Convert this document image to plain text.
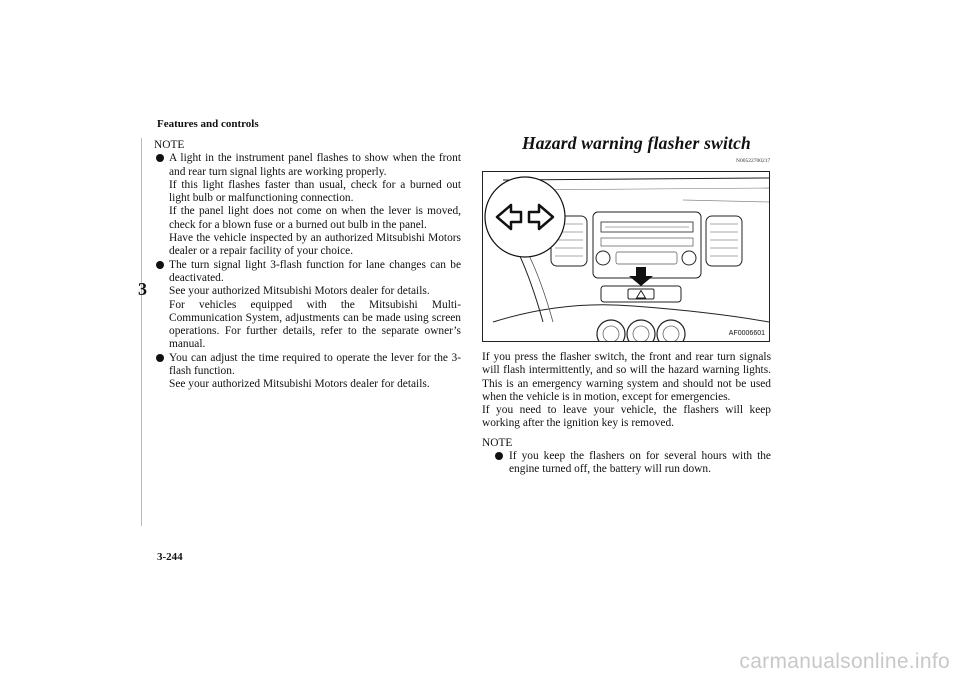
Features and controls
3

NOTE

A light in the instrument panel flashes to show when the front and rear turn signal lights are working properly.

If this light flashes faster than usual, check for a burned out light bulb or malfunctioning connection.

If the panel light does not come on when the lever is moved, check for a blown fuse or a burned out bulb in the panel.

Have the vehicle inspected by an authorized Mitsubishi Motors dealer or a repair facility of your choice.

The turn signal light 3-flash function for lane changes can be deactivated.

See your authorized Mitsubishi Motors dealer for details.

For vehicles equipped with the Mitsubishi Multi-Communication System, adjustments can be made using screen operations. For further details, refer to the separate owner’s manual.

You can adjust the time required to operate the lever for the 3-flash function.

See your authorized Mitsubishi Motors dealer for details.

Hazard warning flasher switch
N00522700217
AF0006601

If you press the flasher switch, the front and rear turn signals will flash intermittently, and so will the hazard warning lights. This is an emergency warning system and should not be used when the vehicle is in motion, except for emergencies.

If you need to leave your vehicle, the flashers will keep working after the ignition key is removed.

NOTE

If you keep the flashers on for several hours with the engine turned off, the battery will run down.

3-244
carmanualsonline.info
